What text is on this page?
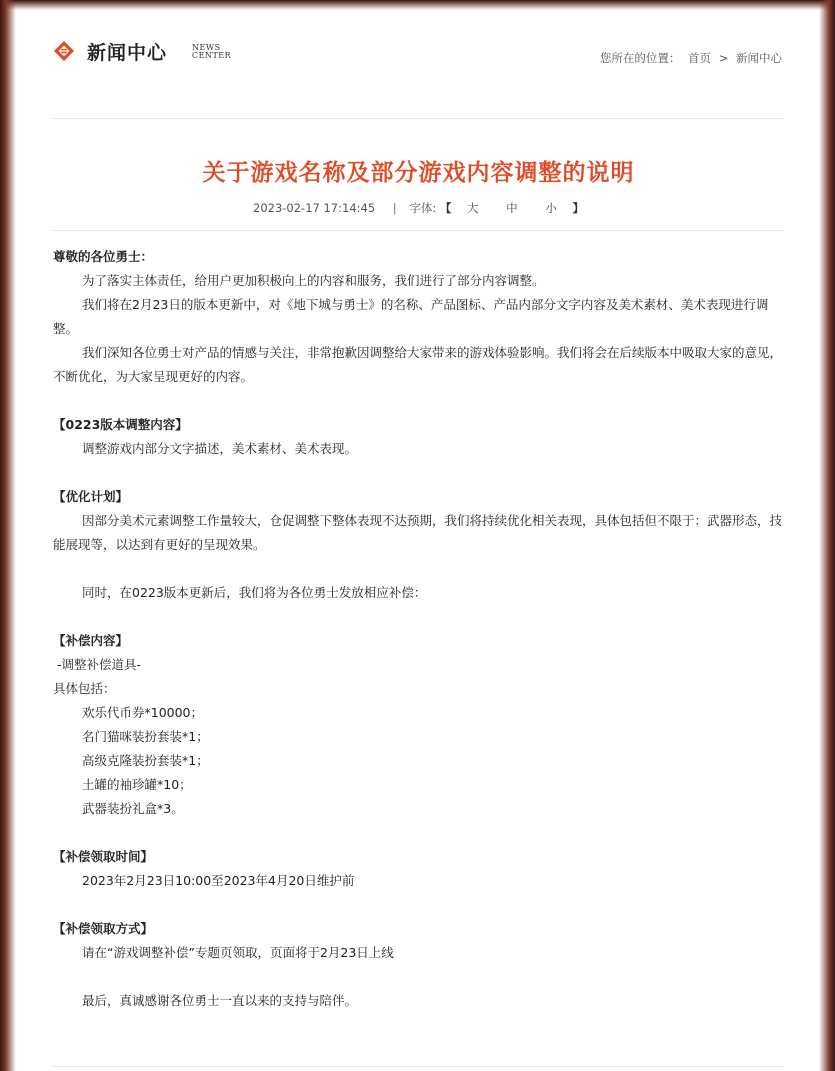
新闻中心	NEWS
CENTER	您所在的位置： 首页 > 新闻中心
关于游戏名称及部分游戏内容调整的说明
2023-02-17 17:14:45 | 字体: 【 大 中 小 】

尊敬的各位勇士：

为了落实主体责任，给用户更加积极向上的内容和服务，我们进行了部分内容调整。

我们将在2月23日的版本更新中，对《地下城与勇士》的名称、产品图标、产品内部分文字内容及美术素材、美术表现进行调整。

我们深知各位勇士对产品的情感与关注，非常抱歉因调整给大家带来的游戏体验影响。我们将会在后续版本中吸取大家的意见，不断优化，为大家呈现更好的内容。

【0223版本调整内容】

调整游戏内部分文字描述，美术素材、美术表现。

【优化计划】

因部分美术元素调整工作量较大，仓促调整下整体表现不达预期，我们将持续优化相关表现，具体包括但不限于：武器形态，技能展现等，以达到有更好的呈现效果。

同时，在0223版本更新后，我们将为各位勇士发放相应补偿：

【补偿内容】

-调整补偿道具-

具体包括：

欢乐代币券*10000；

名门猫咪装扮套装*1；

高级克隆装扮套装*1；

土罐的袖珍罐*10；

武器装扮礼盒*3。

【补偿领取时间】

2023年2月23日10:00至2023年4月20日维护前

【补偿领取方式】

请在“游戏调整补偿”专题页领取，页面将于2月23日上线

最后，真诚感谢各位勇士一直以来的支持与陪伴。
